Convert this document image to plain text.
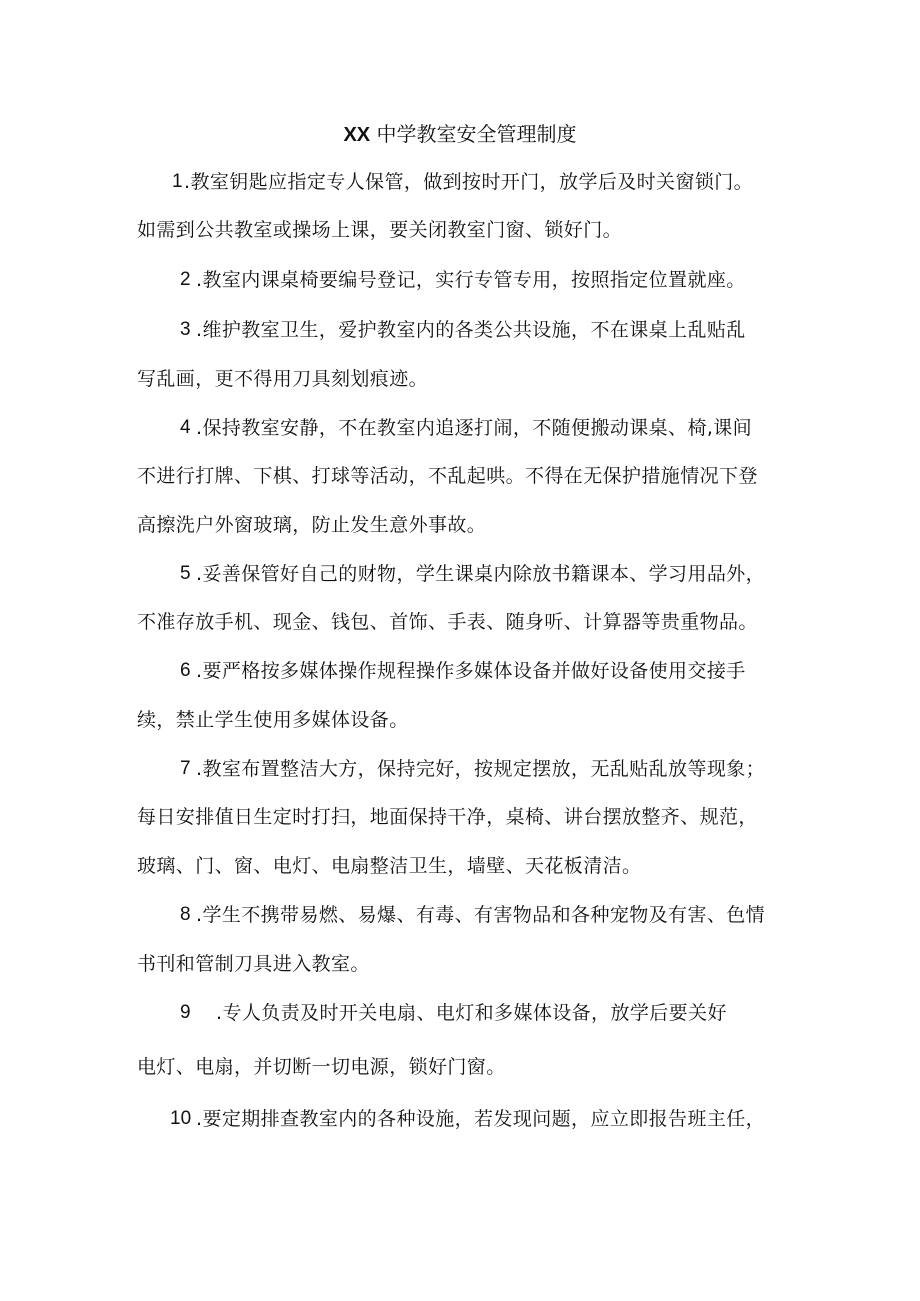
XX 中学教室安全管理制度
1 .教室钥匙应指定专人保管，做到按时开门，放学后及时关窗锁门。
如需到公共教室或操场上课，要关闭教室门窗、锁好门。
2 .教室内课桌椅要编号登记，实行专管专用，按照指定位置就座。
3 .维护教室卫生，爱护教室内的各类公共设施，不在课桌上乱贴乱
写乱画，更不得用刀具刻划痕迹。
4 .保持教室安静，不在教室内追逐打闹，不随便搬动课桌、椅,课间
不进行打牌、下棋、打球等活动，不乱起哄。不得在无保护措施情况下登
高擦洗户外窗玻璃，防止发生意外事故。
5 .妥善保管好自己的财物，学生课桌内除放书籍课本、学习用品外，
不准存放手机、现金、钱包、首饰、手表、随身听、计算器等贵重物品。
6 .要严格按多媒体操作规程操作多媒体设备并做好设备使用交接手
续，禁止学生使用多媒体设备。
7 .教室布置整洁大方，保持完好，按规定摆放，无乱贴乱放等现象；
每日安排值日生定时打扫，地面保持干净，桌椅、讲台摆放整齐、规范，
玻璃、门、窗、电灯、电扇整洁卫生，墙壁、天花板清洁。
8 .学生不携带易燃、易爆、有毒、有害物品和各种宠物及有害、色情
书刊和管制刀具进入教室。
9 .专人负责及时开关电扇、电灯和多媒体设备，放学后要关好
电灯、电扇，并切断一切电源，锁好门窗。
10 .要定期排查教室内的各种设施，若发现问题，应立即报告班主任，
